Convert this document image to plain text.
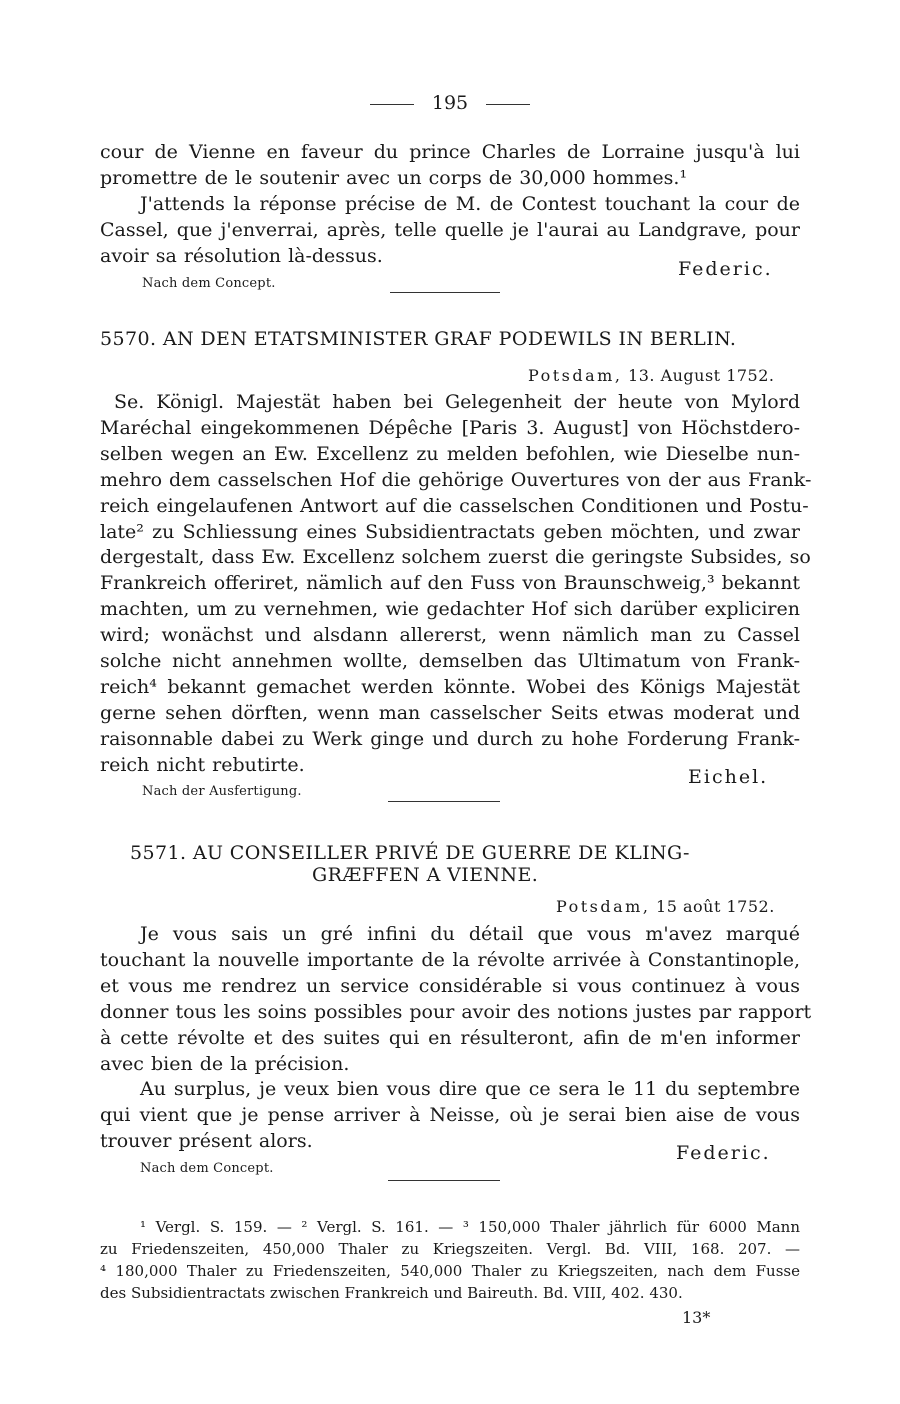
195
cour de Vienne en faveur du prince Charles de Lorraine jusqu'à lui
promettre de le soutenir avec un corps de 30,000 hommes.¹
J'attends la réponse précise de M. de Contest touchant la cour de
Cassel, que j'enverrai, après, telle quelle je l'aurai au Landgrave, pour
avoir sa résolution là-dessus.
Federic.
Nach dem Concept.
5570. AN DEN ETATSMINISTER GRAF PODEWILS IN BERLIN.
Potsdam, 13. August 1752.
Se. Königl. Majestät haben bei Gelegenheit der heute von Mylord
Maréchal eingekommenen Dépêche [Paris 3. August] von Höchstdero-
selben wegen an Ew. Excellenz zu melden befohlen, wie Dieselbe nun-
mehro dem casselschen Hof die gehörige Ouvertures von der aus Frank-
reich eingelaufenen Antwort auf die casselschen Conditionen und Postu-
late² zu Schliessung eines Subsidientractats geben möchten, und zwar
dergestalt, dass Ew. Excellenz solchem zuerst die geringste Subsides, so
Frankreich offeriret, nämlich auf den Fuss von Braunschweig,³ bekannt
machten, um zu vernehmen, wie gedachter Hof sich darüber expliciren
wird; wonächst und alsdann allererst, wenn nämlich man zu Cassel
solche nicht annehmen wollte, demselben das Ultimatum von Frank-
reich⁴ bekannt gemachet werden könnte. Wobei des Königs Majestät
gerne sehen dörften, wenn man casselscher Seits etwas moderat und
raisonnable dabei zu Werk ginge und durch zu hohe Forderung Frank-
reich nicht rebutirte.
Eichel.
Nach der Ausfertigung.
5571. AU CONSEILLER PRIVÉ DE GUERRE DE KLING-
GRÆFFEN A VIENNE.
Potsdam, 15 août 1752.
Je vous sais un gré infini du détail que vous m'avez marqué
touchant la nouvelle importante de la révolte arrivée à Constantinople,
et vous me rendrez un service considérable si vous continuez à vous
donner tous les soins possibles pour avoir des notions justes par rapport
à cette révolte et des suites qui en résulteront, afin de m'en informer
avec bien de la précision.
Au surplus, je veux bien vous dire que ce sera le 11 du septembre
qui vient que je pense arriver à Neisse, où je serai bien aise de vous
trouver présent alors.
Federic.
Nach dem Concept.
¹ Vergl. S. 159. — ² Vergl. S. 161. — ³ 150,000 Thaler jährlich für 6000 Mann
zu Friedenszeiten, 450,000 Thaler zu Kriegszeiten. Vergl. Bd. VIII, 168. 207. —
⁴ 180,000 Thaler zu Friedenszeiten, 540,000 Thaler zu Kriegszeiten, nach dem Fusse
des Subsidientractats zwischen Frankreich und Baireuth. Bd. VIII, 402. 430.
13*
